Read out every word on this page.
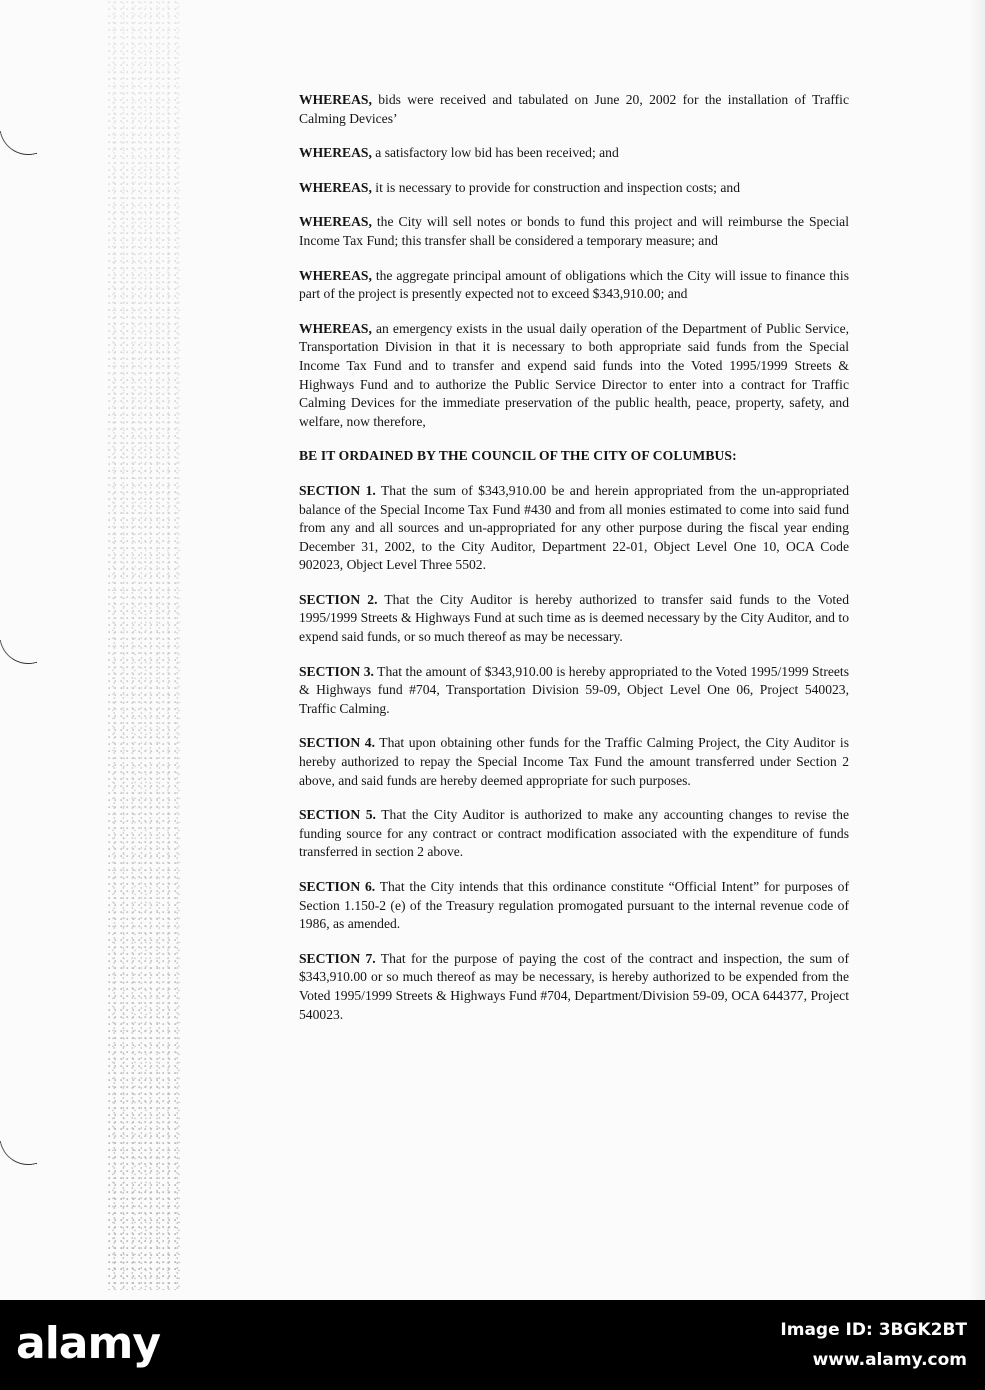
WHEREAS, bids were received and tabulated on June 20, 2002 for the installation of Traffic Calming Devices’

WHEREAS, a satisfactory low bid has been received; and

WHEREAS, it is necessary to provide for construction and inspection costs; and

WHEREAS, the City will sell notes or bonds to fund this project and will reimburse the Special Income Tax Fund; this transfer shall be considered a temporary measure; and

WHEREAS, the aggregate principal amount of obligations which the City will issue to finance this part of the project is presently expected not to exceed $343,910.00; and

WHEREAS, an emergency exists in the usual daily operation of the Department of Public Service, Transportation Division in that it is necessary to both appropriate said funds from the Special Income Tax Fund and to transfer and expend said funds into the Voted 1995/1999 Streets & Highways Fund and to authorize the Public Service Director to enter into a contract for Traffic Calming Devices for the immediate preservation of the public health, peace, property, safety, and welfare, now therefore,

BE IT ORDAINED BY THE COUNCIL OF THE CITY OF COLUMBUS:

SECTION 1. That the sum of $343,910.00 be and herein appropriated from the un-appropriated balance of the Special Income Tax Fund #430 and from all monies estimated to come into said fund from any and all sources and un-appropriated for any other purpose during the fiscal year ending December 31, 2002, to the City Auditor, Department 22-01, Object Level One 10, OCA Code 902023, Object Level Three 5502.

SECTION 2. That the City Auditor is hereby authorized to transfer said funds to the Voted 1995/1999 Streets & Highways Fund at such time as is deemed necessary by the City Auditor, and to expend said funds, or so much thereof as may be necessary.

SECTION 3. That the amount of $343,910.00 is hereby appropriated to the Voted 1995/1999 Streets & Highways fund #704, Transportation Division 59-09, Object Level One 06, Project 540023, Traffic Calming.

SECTION 4. That upon obtaining other funds for the Traffic Calming Project, the City Auditor is hereby authorized to repay the Special Income Tax Fund the amount transferred under Section 2 above, and said funds are hereby deemed appropriate for such purposes.

SECTION 5. That the City Auditor is authorized to make any accounting changes to revise the funding source for any contract or contract modification associated with the expenditure of funds transferred in section 2 above.

SECTION 6. That the City intends that this ordinance constitute “Official Intent” for purposes of Section 1.150-2 (e) of the Treasury regulation promogated pursuant to the internal revenue code of 1986, as amended.

SECTION 7. That for the purpose of paying the cost of the contract and inspection, the sum of $343,910.00 or so much thereof as may be necessary, is hereby authorized to be expended from the Voted 1995/1999 Streets & Highways Fund #704, Department/Division 59-09, OCA 644377, Project 540023.

alamy	Image ID: 3BGK2BT
www.alamy.com
